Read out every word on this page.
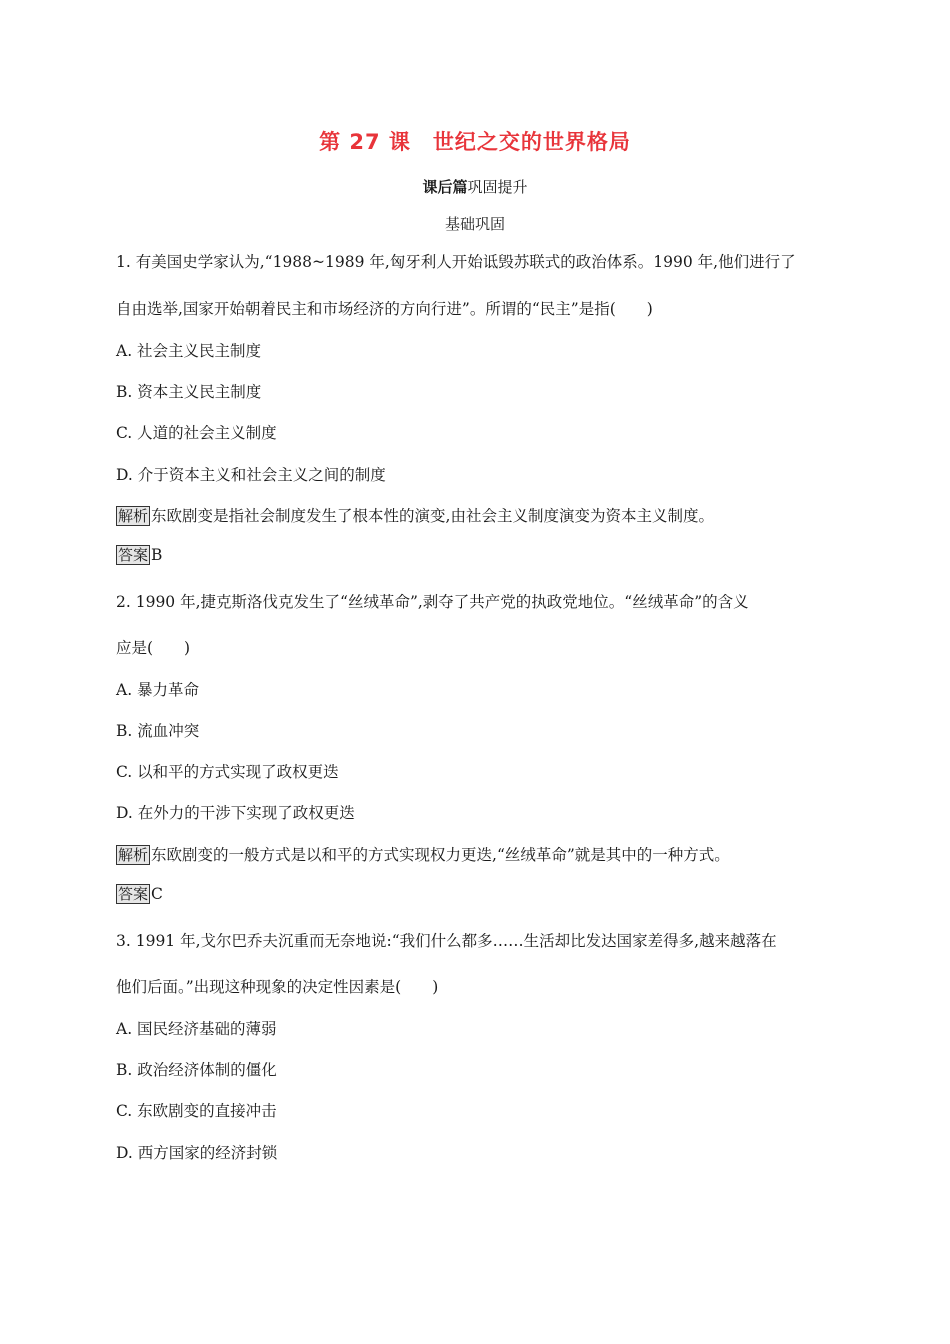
第 27 课　世纪之交的世界格局
课后篇巩固提升
基础巩固
1. 有美国史学家认为,“1988~1989 年,匈牙利人开始诋毁苏联式的政治体系。1990 年,他们进行了
自由选举,国家开始朝着民主和市场经济的方向行进”。所谓的“民主”是指(　　)
A. 社会主义民主制度
B. 资本主义民主制度
C. 人道的社会主义制度
D. 介于资本主义和社会主义之间的制度
解析 东欧剧变是指社会制度发生了根本性的演变,由社会主义制度演变为资本主义制度。
答案 B
2. 1990 年,捷克斯洛伐克发生了“丝绒革命”,剥夺了共产党的执政党地位。“丝绒革命”的含义
应是(　　)
A. 暴力革命
B. 流血冲突
C. 以和平的方式实现了政权更迭
D. 在外力的干涉下实现了政权更迭
解析 东欧剧变的一般方式是以和平的方式实现权力更迭,“丝绒革命”就是其中的一种方式。
答案 C
3. 1991 年,戈尔巴乔夫沉重而无奈地说:“我们什么都多……生活却比发达国家差得多,越来越落在
他们后面。”出现这种现象的决定性因素是(　　)
A. 国民经济基础的薄弱
B. 政治经济体制的僵化
C. 东欧剧变的直接冲击
D. 西方国家的经济封锁
